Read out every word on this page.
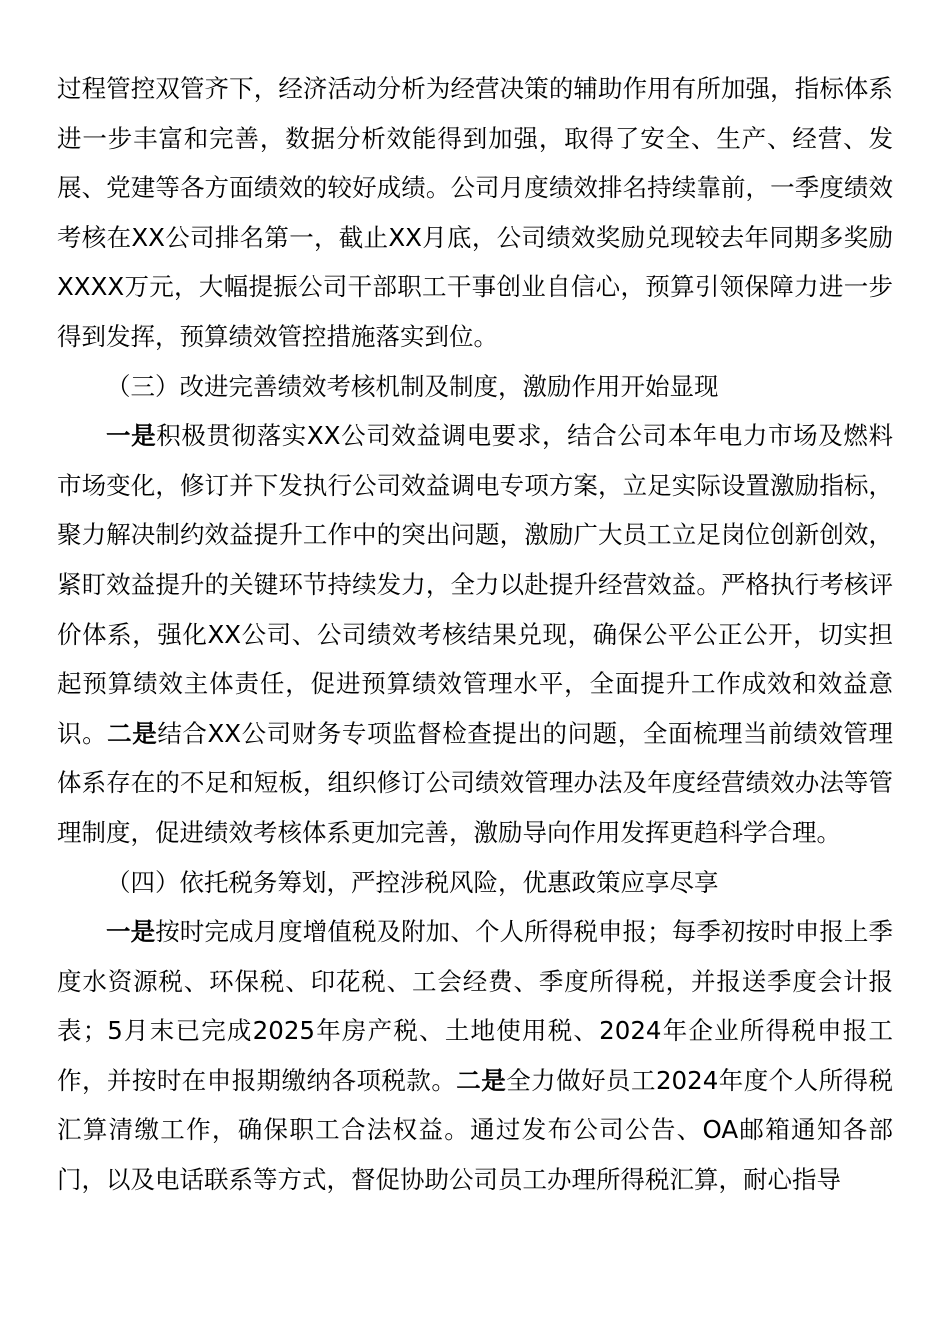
过程管控双管齐下，经济活动分析为经营决策的辅助作用有所加强，指标体系进一步丰富和完善，数据分析效能得到加强，取得了安全、生产、经营、发展、党建等各方面绩效的较好成绩。公司月度绩效排名持续靠前，一季度绩效考核在XX公司排名第一，截止XX月底，公司绩效奖励兑现较去年同期多奖励XXXX万元，大幅提振公司干部职工干事创业自信心，预算引领保障力进一步得到发挥，预算绩效管控措施落实到位。

（三）改进完善绩效考核机制及制度，激励作用开始显现

一是积极贯彻落实XX公司效益调电要求，结合公司本年电力市场及燃料市场变化，修订并下发执行公司效益调电专项方案，立足实际设置激励指标，聚力解决制约效益提升工作中的突出问题，激励广大员工立足岗位创新创效，紧盯效益提升的关键环节持续发力，全力以赴提升经营效益。严格执行考核评价体系，强化XX公司、公司绩效考核结果兑现，确保公平公正公开，切实担起预算绩效主体责任，促进预算绩效管理水平，全面提升工作成效和效益意识。二是结合XX公司财务专项监督检查提出的问题，全面梳理当前绩效管理体系存在的不足和短板，组织修订公司绩效管理办法及年度经营绩效办法等管理制度，促进绩效考核体系更加完善，激励导向作用发挥更趋科学合理。

（四）依托税务筹划，严控涉税风险，优惠政策应享尽享

一是按时完成月度增值税及附加、个人所得税申报；每季初按时申报上季度水资源税、环保税、印花税、工会经费、季度所得税，并报送季度会计报表；5月末已完成2025年房产税、土地使用税、2024年企业所得税申报工作，并按时在申报期缴纳各项税款。二是全力做好员工2024年度个人所得税汇算清缴工作，确保职工合法权益。通过发布公司公告、OA邮箱通知各部门，以及电话联系等方式，督促协助公司员工办理所得税汇算，耐心指导
